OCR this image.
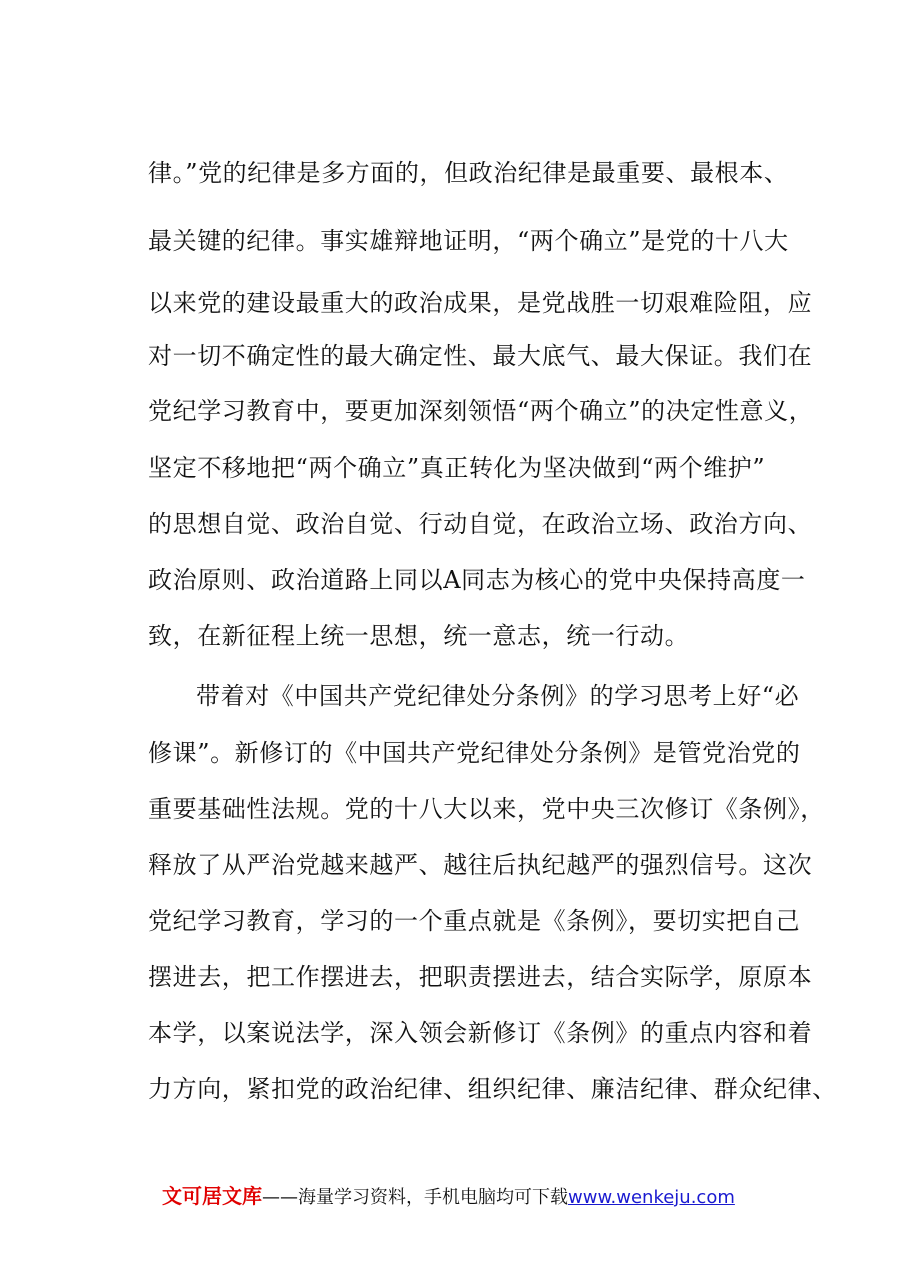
律。”党的纪律是多方面的，但政治纪律是最重要、最根本、
最关键的纪律。事实雄辩地证明，“两个确立”是党的十八大
以来党的建设最重大的政治成果，是党战胜一切艰难险阻，应
对一切不确定性的最大确定性、最大底气、最大保证。我们在
党纪学习教育中，要更加深刻领悟“两个确立”的决定性意义，
坚定不移地把“两个确立”真正转化为坚决做到“两个维护”
的思想自觉、政治自觉、行动自觉，在政治立场、政治方向、
政治原则、政治道路上同以A同志为核心的党中央保持高度一
致，在新征程上统一思想，统一意志，统一行动。
带着对《中国共产党纪律处分条例》的学习思考上好“必
修课”。新修订的《中国共产党纪律处分条例》是管党治党的
重要基础性法规。党的十八大以来，党中央三次修订《条例》，
释放了从严治党越来越严、越往后执纪越严的强烈信号。这次
党纪学习教育，学习的一个重点就是《条例》，要切实把自己
摆进去，把工作摆进去，把职责摆进去，结合实际学，原原本
本学，以案说法学，深入领会新修订《条例》的重点内容和着
力方向，紧扣党的政治纪律、组织纪律、廉洁纪律、群众纪律、
文可居文库——海量学习资料，手机电脑均可下载www.wenkeju.com
